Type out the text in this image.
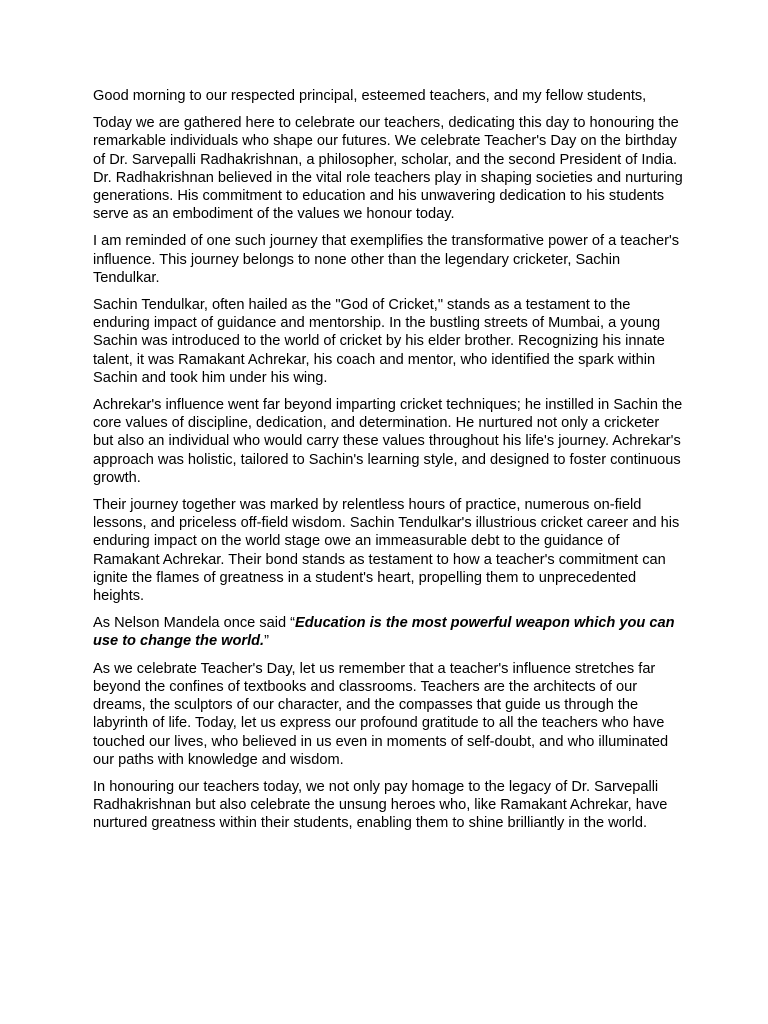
Good morning to our respected principal, esteemed teachers, and my fellow students,

Today we are gathered here to celebrate our teachers, dedicating this day to honouring the remarkable individuals who shape our futures. We celebrate Teacher's Day on the birthday of Dr. Sarvepalli Radhakrishnan, a philosopher, scholar, and the second President of India. Dr. Radhakrishnan believed in the vital role teachers play in shaping societies and nurturing generations. His commitment to education and his unwavering dedication to his students serve as an embodiment of the values we honour today.

I am reminded of one such journey that exemplifies the transformative power of a teacher's influence. This journey belongs to none other than the legendary cricketer, Sachin Tendulkar.

Sachin Tendulkar, often hailed as the "God of Cricket," stands as a testament to the enduring impact of guidance and mentorship. In the bustling streets of Mumbai, a young Sachin was introduced to the world of cricket by his elder brother. Recognizing his innate talent, it was Ramakant Achrekar, his coach and mentor, who identified the spark within Sachin and took him under his wing.

Achrekar's influence went far beyond imparting cricket techniques; he instilled in Sachin the core values of discipline, dedication, and determination. He nurtured not only a cricketer but also an individual who would carry these values throughout his life's journey. Achrekar's approach was holistic, tailored to Sachin's learning style, and designed to foster continuous growth.

Their journey together was marked by relentless hours of practice, numerous on-field lessons, and priceless off-field wisdom. Sachin Tendulkar's illustrious cricket career and his enduring impact on the world stage owe an immeasurable debt to the guidance of Ramakant Achrekar. Their bond stands as testament to how a teacher's commitment can ignite the flames of greatness in a student's heart, propelling them to unprecedented heights.

As Nelson Mandela once said “Education is the most powerful weapon which you can use to change the world.”

As we celebrate Teacher's Day, let us remember that a teacher's influence stretches far beyond the confines of textbooks and classrooms. Teachers are the architects of our dreams, the sculptors of our character, and the compasses that guide us through the labyrinth of life. Today, let us express our profound gratitude to all the teachers who have touched our lives, who believed in us even in moments of self-doubt, and who illuminated our paths with knowledge and wisdom.

In honouring our teachers today, we not only pay homage to the legacy of Dr. Sarvepalli Radhakrishnan but also celebrate the unsung heroes who, like Ramakant Achrekar, have nurtured greatness within their students, enabling them to shine brilliantly in the world.
